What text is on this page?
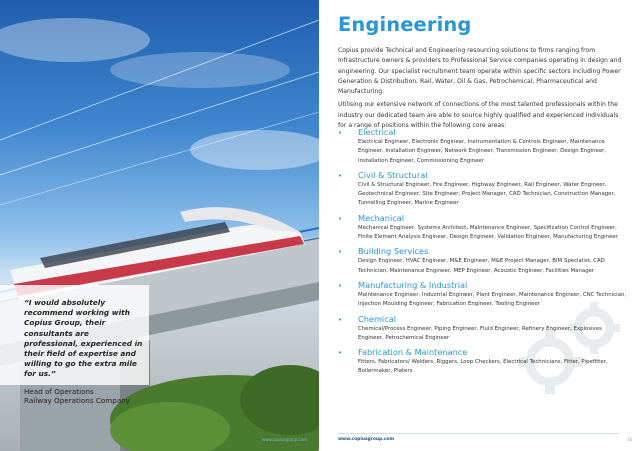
“I would absolutely recommend working with Copius Group, their consultants are professional, experienced in their field of expertise and willing to go the extra mile for us.”

Head of Operations
Railway Operations Company

www.copiusgroup.com
Engineering

Copius provide Technical and Engineering resourcing solutions to firms ranging from Infrastructure owners & providers to Professional Service companies operating in design and engineering. Our specialist recruitment team operate within specific sectors including Power Generation & Distribution, Rail, Water, Oil & Gas, Petrochemical, Pharmaceutical and Manufacturing.

Utilising our extensive network of connections of the most talented professionals within the industry our dedicated team are able to source highly qualified and experienced individuals for a range of positions within the following core areas:

• Electrical
Electrical Engineer, Electronic Engineer, Instrumentation & Controls Engineer, Maintenance Engineer, Installation Engineer, Network Engineer, Transmission Engineer, Design Engineer, Installation Engineer, Commissioning Engineer
• Civil & Structural
Civil & Structural Engineer, Fire Engineer, Highway Engineer, Rail Engineer, Water Engineer, Geotechnical Engineer, Site Engineer, Project Manager, CAD Technician, Construction Manager, Tunnelling Engineer, Marine Engineer
• Mechanical
Mechanical Engineer, Systems Architect, Maintenance Engineer, Specification Control Engineer, Finite Element Analysis Engineer, Design Engineer, Validation Engineer, Manufacturing Engineer
• Building Services
Design Engineer, HVAC Engineer, M&E Engineer, M&E Project Manager, BIM Specialist, CAD Technician, Maintenance Engineer, MEP Engineer, Acoustic Engineer, Facilities Manager
• Manufacturing & Industrial
Maintenance Engineer, Industrial Engineer, Plant Engineer, Maintenance Engineer, CNC Technician, Injection Moulding Engineer, Fabrication Engineer, Tooling Engineer
• Chemical
Chemical/Process Engineer, Piping Engineer, Fluid Engineer, Refinery Engineer, Explosives Engineer, Petrochemical Engineer
• Fabrication & Maintenance
Fitters, Fabricators/ Welders, Riggers, Loop Checkers, Electrical Technicians, Fitter, Pipefitter, Boilermaker, Platers
www.copiusgroup.com	16
